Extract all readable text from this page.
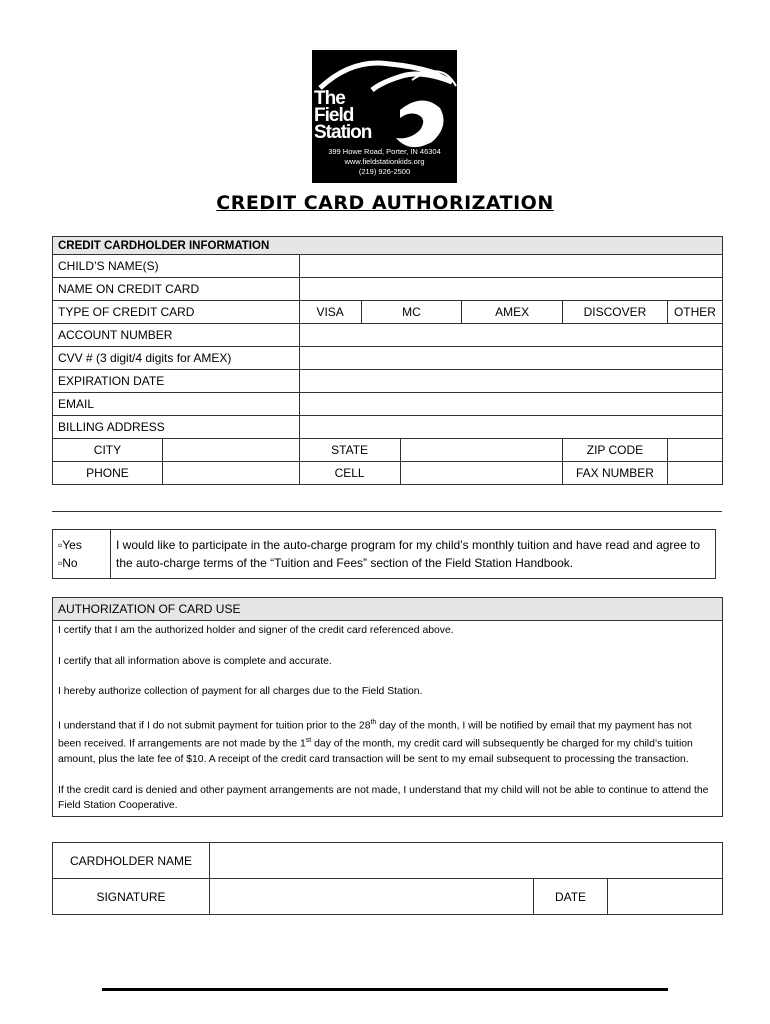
The
Field
Station
399 Howe Road, Porter, IN 46304
www.fieldstationkids.org
(219) 926-2500
CREDIT CARD AUTHORIZATION
CREDIT CARDHOLDER INFORMATION							
CHILD’S NAME(S)							
NAME ON CREDIT CARD							
TYPE OF CREDIT CARD		VISA	MC		AMEX	DISCOVER	OTHER
ACCOUNT NUMBER							
CVV # (3 digit/4 digits for AMEX)							
EXPIRATION DATE							
EMAIL							
BILLING ADDRESS							
CITY		STATE				ZIP CODE	
PHONE		CELL				FAX NUMBER	
▫Yes
▫No
	I would like to participate in the auto-charge program for my child’s monthly tuition and have read and agree to the auto-charge terms of the “Tuition and Fees” section of the Field Station Handbook.
AUTHORIZATION OF CARD USE

I certify that I am the authorized holder and signer of the credit card referenced above.

I certify that all information above is complete and accurate.

I hereby authorize collection of payment for all charges due to the Field Station.

I understand that if I do not submit payment for tuition prior to the 28th day of the month, I will be notified by email that my payment has not been received. If arrangements are not made by the 1st day of the month, my credit card will subsequently be charged for my child’s tuition amount, plus the late fee of $10. A receipt of the credit card transaction will be sent to my email subsequent to processing the transaction.

If the credit card is denied and other payment arrangements are not made, I understand that my child will not be able to continue to attend the Field Station Cooperative.

CARDHOLDER NAME			
SIGNATURE		DATE	
